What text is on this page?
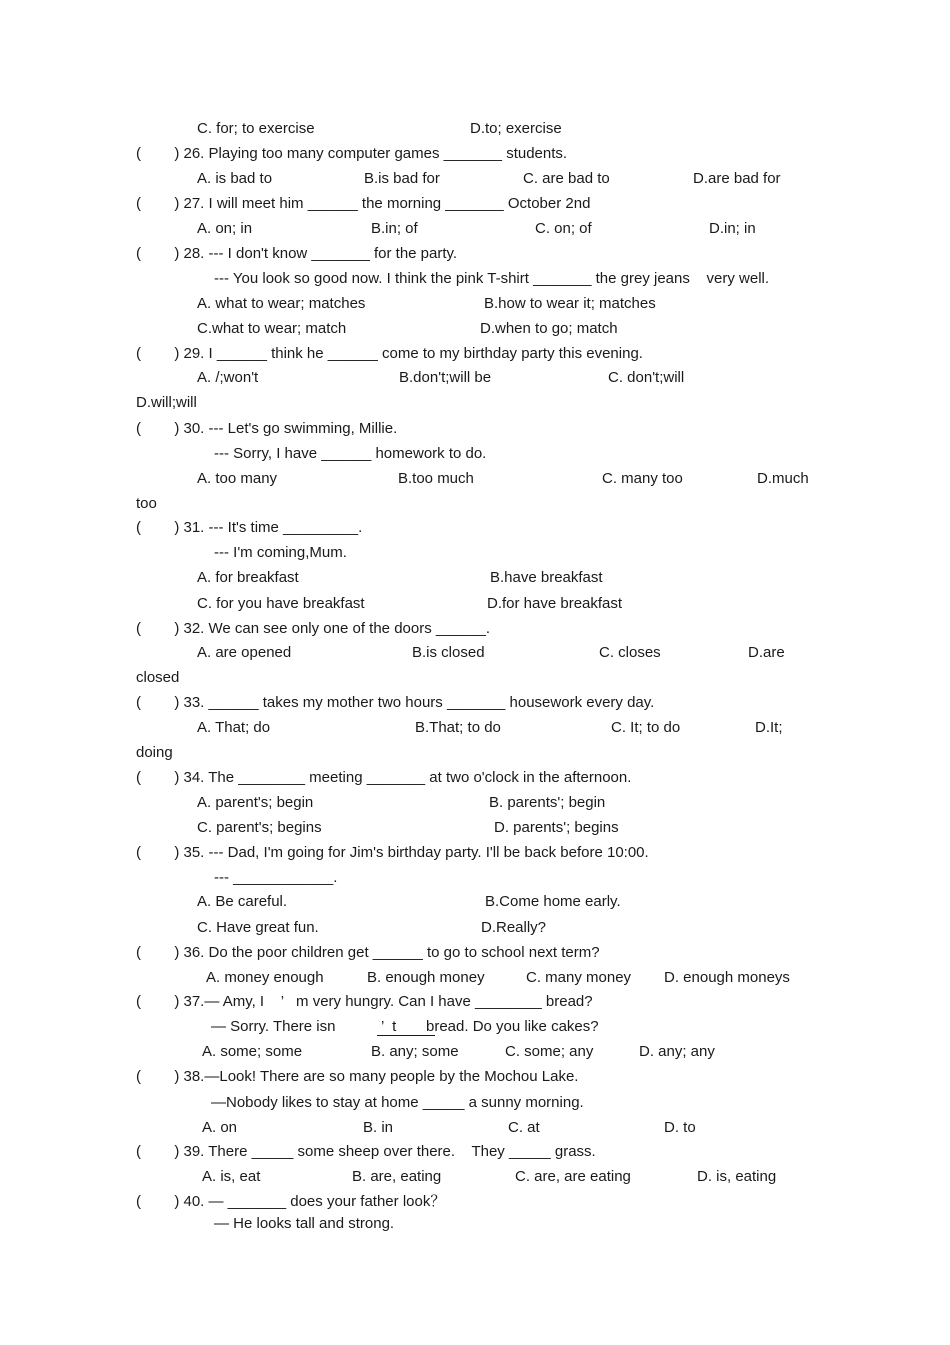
C. for; to exercise	D.to; exercise
(        ) 26. Playing too many computer games _______ students.
A. is bad to	B.is bad for	C. are bad to	D.are bad for
(        ) 27. I will meet him ______ the morning _______ October 2nd
A. on; in	B.in; of	C. on; of	D.in; in
(        ) 28. --- I don't know _______ for the party.
--- You look so good now. I think the pink T-shirt _______ the grey jeans    very well.
A. what to wear; matches	B.how to wear it; matches
C.what to wear; match	D.when to go; match
(        ) 29. I ______ think he ______ come to my birthday party this evening.
A. /;won't	B.don't;will be	C. don't;will
D.will;will
(        ) 30. --- Let's go swimming, Millie.
--- Sorry, I have ______ homework to do.
A. too many	B.too much	C. many too	D.much
too
(        ) 31. --- It's time _________.
--- I'm coming,Mum.
A. for breakfast	B.have breakfast
C. for you have breakfast	D.for have breakfast
(        ) 32. We can see only one of the doors ______.
A. are opened	B.is closed	C. closes	D.are
closed
(        ) 33. ______ takes my mother two hours _______ housework every day.
A. That; do	B.That; to do	C. It; to do	D.It;
doing
(        ) 34. The ________ meeting _______ at two o'clock in the afternoon.
A. parent's; begin	B. parents'; begin
C. parent's; begins	D. parents'; begins
(        ) 35. --- Dad, I'm going for Jim's birthday party. I'll be back before 10:00.
--- ____________.
A. Be careful.	B.Come home early.
C. Have great fun.	D.Really?
(        ) 36. Do the poor children get ______ to go to school next term?
A. money enough	B. enough money	C. many money D. enough moneys
(        ) 37.— Amy, I    ’   m very hungry. Can I have ________ bread?
— Sorry. There isn	’  t bread. Do you like cakes?
A. some; some	B. any; some	C. some; any	D. any; any
(        ) 38.—Look! There are so many people by the Mochou Lake.
—Nobody likes to stay at home _____ a sunny morning.
A. on	B. in	C. at	D. to
(        ) 39. There _____ some sheep over there.    They _____ grass.
A. is, eat	B. are, eating	C. are, are eating	D. is, eating
(        ) 40. — _______ does your father look？
— He looks tall and strong.
